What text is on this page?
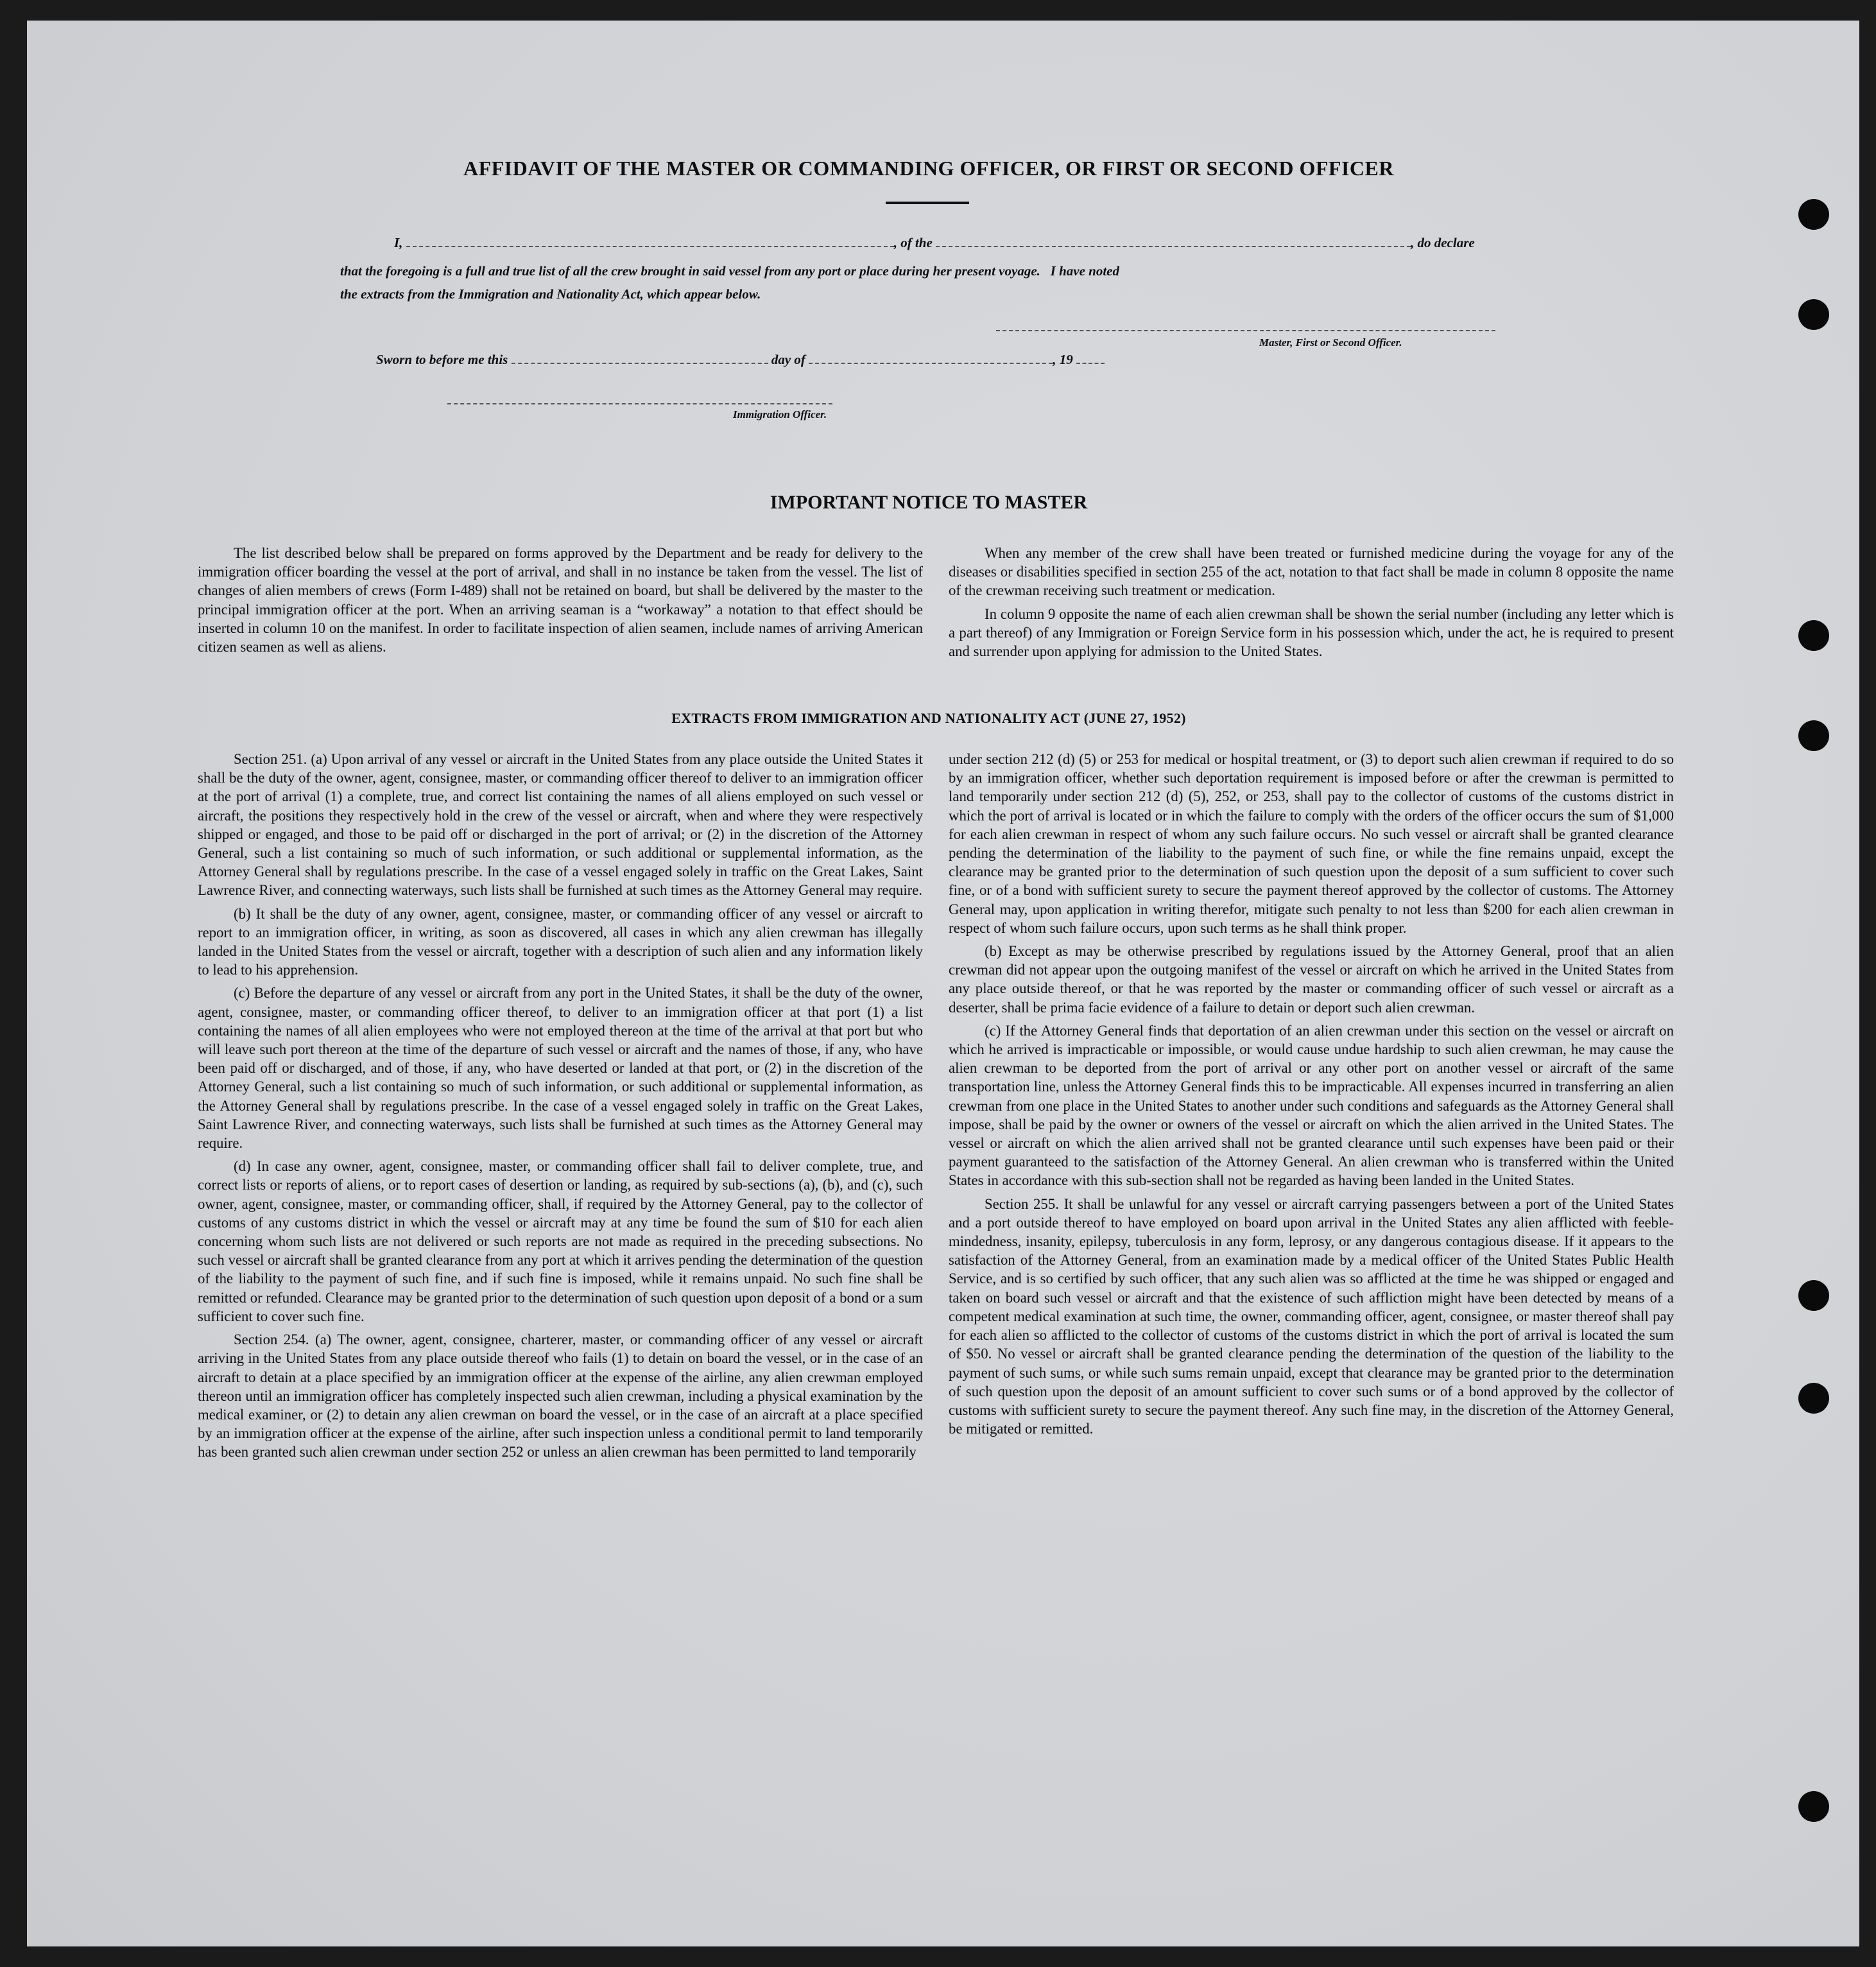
AFFIDAVIT OF THE MASTER OR COMMANDING OFFICER, OR FIRST OR SECOND OFFICER
I,	, of the	, do declare
that the foregoing is a full and true list of all the crew brought in said vessel from any port or place during her present voyage.   I have noted
the extracts from the Immigration and Nationality Act, which appear below.
Master, First or Second Officer.
Sworn to before me this	day of	, 19
Immigration Officer.
IMPORTANT NOTICE TO MASTER

The list described below shall be prepared on forms approved by the Department and be ready for delivery to the immigration officer boarding the vessel at the port of arrival, and shall in no instance be taken from the vessel. The list of changes of alien members of crews (Form I-489) shall not be retained on board, but shall be delivered by the master to the principal immigration officer at the port. When an arriving seaman is a “workaway” a notation to that effect should be inserted in column 10 on the manifest. In order to facilitate inspection of alien seamen, include names of arriving American citizen seamen as well as aliens.

When any member of the crew shall have been treated or furnished medicine during the voyage for any of the diseases or disabilities specified in section 255 of the act, notation to that fact shall be made in column 8 opposite the name of the crewman receiving such treatment or medication.

In column 9 opposite the name of each alien crewman shall be shown the serial number (including any letter which is a part thereof) of any Immigration or Foreign Service form in his possession which, under the act, he is required to present and surrender upon applying for admission to the United States.

EXTRACTS FROM IMMIGRATION AND NATIONALITY ACT (JUNE 27, 1952)

Section 251. (a) Upon arrival of any vessel or aircraft in the United States from any place outside the United States it shall be the duty of the owner, agent, consignee, master, or commanding officer thereof to deliver to an immigration officer at the port of arrival (1) a complete, true, and correct list containing the names of all aliens employed on such vessel or aircraft, the positions they respectively hold in the crew of the vessel or aircraft, when and where they were respectively shipped or engaged, and those to be paid off or discharged in the port of arrival; or (2) in the discretion of the Attorney General, such a list containing so much of such information, or such additional or supplemental information, as the Attorney General shall by regulations prescribe. In the case of a vessel engaged solely in traffic on the Great Lakes, Saint Lawrence River, and connecting waterways, such lists shall be furnished at such times as the Attorney General may require.

(b) It shall be the duty of any owner, agent, consignee, master, or commanding officer of any vessel or aircraft to report to an immigration officer, in writing, as soon as discovered, all cases in which any alien crewman has illegally landed in the United States from the vessel or aircraft, together with a description of such alien and any information likely to lead to his apprehension.

(c) Before the departure of any vessel or aircraft from any port in the United States, it shall be the duty of the owner, agent, consignee, master, or commanding officer thereof, to deliver to an immigration officer at that port (1) a list containing the names of all alien employees who were not employed thereon at the time of the arrival at that port but who will leave such port thereon at the time of the departure of such vessel or aircraft and the names of those, if any, who have been paid off or discharged, and of those, if any, who have deserted or landed at that port, or (2) in the discretion of the Attorney General, such a list containing so much of such information, or such additional or supplemental information, as the Attorney General shall by regulations prescribe. In the case of a vessel engaged solely in traffic on the Great Lakes, Saint Lawrence River, and connecting waterways, such lists shall be furnished at such times as the Attorney General may require.

(d) In case any owner, agent, consignee, master, or commanding officer shall fail to deliver complete, true, and correct lists or reports of aliens, or to report cases of desertion or landing, as required by sub-sections (a), (b), and (c), such owner, agent, consignee, master, or commanding officer, shall, if required by the Attorney General, pay to the collector of customs of any customs district in which the vessel or aircraft may at any time be found the sum of $10 for each alien concerning whom such lists are not delivered or such reports are not made as required in the preceding subsections. No such vessel or aircraft shall be granted clearance from any port at which it arrives pending the determination of the question of the liability to the payment of such fine, and if such fine is imposed, while it remains unpaid. No such fine shall be remitted or refunded. Clearance may be granted prior to the determination of such question upon deposit of a bond or a sum sufficient to cover such fine.

Section 254. (a) The owner, agent, consignee, charterer, master, or commanding officer of any vessel or aircraft arriving in the United States from any place outside thereof who fails (1) to detain on board the vessel, or in the case of an aircraft to detain at a place specified by an immigration officer at the expense of the airline, any alien crewman employed thereon until an immigration officer has completely inspected such alien crewman, including a physical examination by the medical examiner, or (2) to detain any alien crewman on board the vessel, or in the case of an aircraft at a place specified by an immigration officer at the expense of the airline, after such inspection unless a conditional permit to land temporarily has been granted such alien crewman under section 252 or unless an alien crewman has been permitted to land temporarily

under section 212 (d) (5) or 253 for medical or hospital treatment, or (3) to deport such alien crewman if required to do so by an immigration officer, whether such deportation requirement is imposed before or after the crewman is permitted to land temporarily under section 212 (d) (5), 252, or 253, shall pay to the collector of customs of the customs district in which the port of arrival is located or in which the failure to comply with the orders of the officer occurs the sum of $1,000 for each alien crewman in respect of whom any such failure occurs. No such vessel or aircraft shall be granted clearance pending the determination of the liability to the payment of such fine, or while the fine remains unpaid, except the clearance may be granted prior to the determination of such question upon the deposit of a sum sufficient to cover such fine, or of a bond with sufficient surety to secure the payment thereof approved by the collector of customs. The Attorney General may, upon application in writing therefor, mitigate such penalty to not less than $200 for each alien crewman in respect of whom such failure occurs, upon such terms as he shall think proper.

(b) Except as may be otherwise prescribed by regulations issued by the Attorney General, proof that an alien crewman did not appear upon the outgoing manifest of the vessel or aircraft on which he arrived in the United States from any place outside thereof, or that he was reported by the master or commanding officer of such vessel or aircraft as a deserter, shall be prima facie evidence of a failure to detain or deport such alien crewman.

(c) If the Attorney General finds that deportation of an alien crewman under this section on the vessel or aircraft on which he arrived is impracticable or impossible, or would cause undue hardship to such alien crewman, he may cause the alien crewman to be deported from the port of arrival or any other port on another vessel or aircraft of the same transportation line, unless the Attorney General finds this to be impracticable. All expenses incurred in transferring an alien crewman from one place in the United States to another under such conditions and safeguards as the Attorney General shall impose, shall be paid by the owner or owners of the vessel or aircraft on which the alien arrived in the United States. The vessel or aircraft on which the alien arrived shall not be granted clearance until such expenses have been paid or their payment guaranteed to the satisfaction of the Attorney General. An alien crewman who is transferred within the United States in accordance with this sub-section shall not be regarded as having been landed in the United States.

Section 255. It shall be unlawful for any vessel or aircraft carrying passengers between a port of the United States and a port outside thereof to have employed on board upon arrival in the United States any alien afflicted with feeble-mindedness, insanity, epilepsy, tuberculosis in any form, leprosy, or any dangerous contagious disease. If it appears to the satisfaction of the Attorney General, from an examination made by a medical officer of the United States Public Health Service, and is so certified by such officer, that any such alien was so afflicted at the time he was shipped or engaged and taken on board such vessel or aircraft and that the existence of such affliction might have been detected by means of a competent medical examination at such time, the owner, commanding officer, agent, consignee, or master thereof shall pay for each alien so afflicted to the collector of customs of the customs district in which the port of arrival is located the sum of $50. No vessel or aircraft shall be granted clearance pending the determination of the question of the liability to the payment of such sums, or while such sums remain unpaid, except that clearance may be granted prior to the determination of such question upon the deposit of an amount sufficient to cover such sums or of a bond approved by the collector of customs with sufficient surety to secure the payment thereof. Any such fine may, in the discretion of the Attorney General, be mitigated or remitted.
